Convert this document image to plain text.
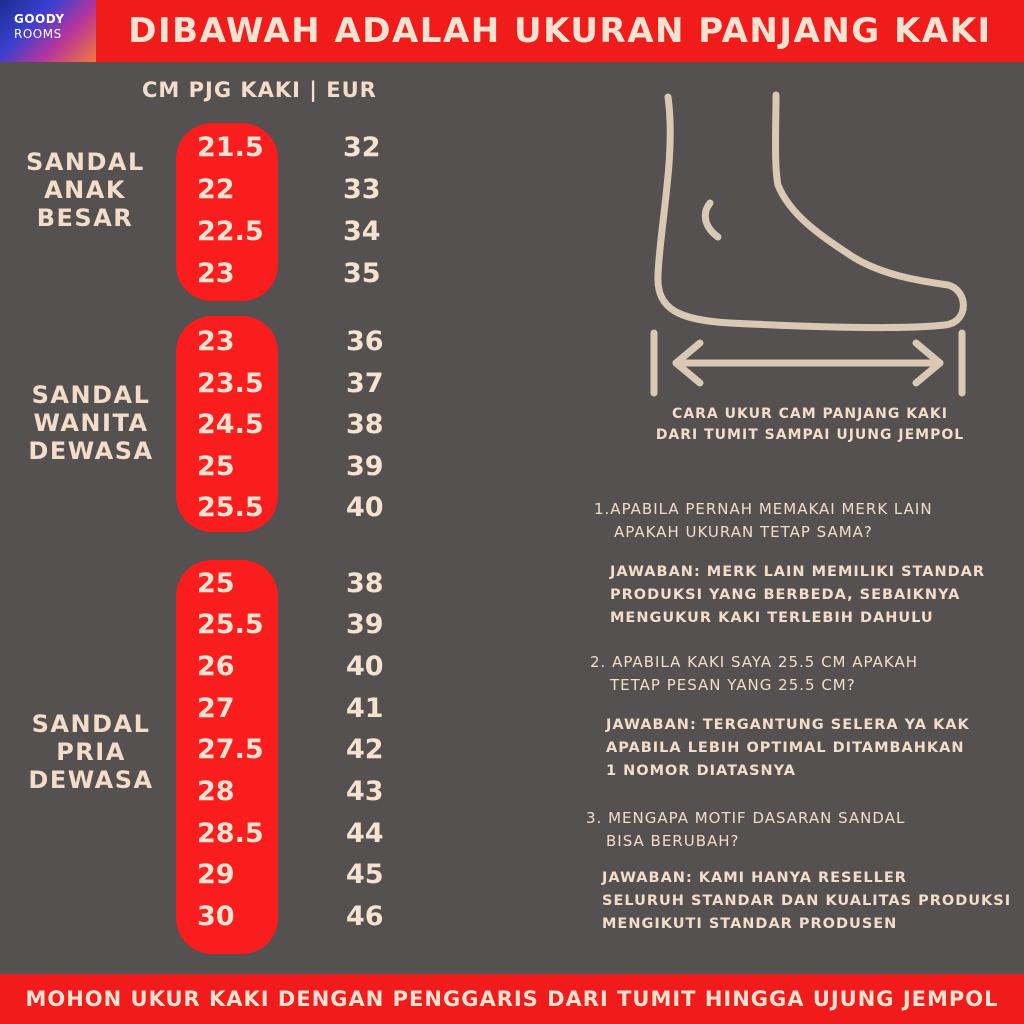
GOODY
ROOMS	DIBAWAH ADALAH UKURAN PANJANG KAKI
CM PJG KAKI | EUR
SANDAL
ANAK
BESAR
21.5	32
22	33
22.5	34
23	35
SANDAL
WANITA
DEWASA
23	36
23.5	37
24.5	38
25	39
25.5	40
SANDAL
PRIA
DEWASA
25	38
25.5	39
26	40
27	41
27.5	42
28	43
28.5	44
29	45
30	46
CARA UKUR CAM PANJANG KAKI
DARI TUMIT SAMPAI UJUNG JEMPOL
1.APABILA PERNAH MEMAKAI MERK LAIN
APAKAH UKURAN TETAP SAMA?
JAWABAN: MERK LAIN MEMILIKI STANDAR
PRODUKSI YANG BERBEDA, SEBAIKNYA
MENGUKUR KAKI TERLEBIH DAHULU
2. APABILA KAKI SAYA 25.5 CM APAKAH
TETAP PESAN YANG 25.5 CM?
JAWABAN: TERGANTUNG SELERA YA KAK
APABILA LEBIH OPTIMAL DITAMBAHKAN
1 NOMOR DIATASNYA
3. MENGAPA MOTIF DASARAN SANDAL
BISA BERUBAH?
JAWABAN: KAMI HANYA RESELLER
SELURUH STANDAR DAN KUALITAS PRODUKSI
MENGIKUTI STANDAR PRODUSEN
MOHON UKUR KAKI DENGAN PENGGARIS DARI TUMIT HINGGA UJUNG JEMPOL
